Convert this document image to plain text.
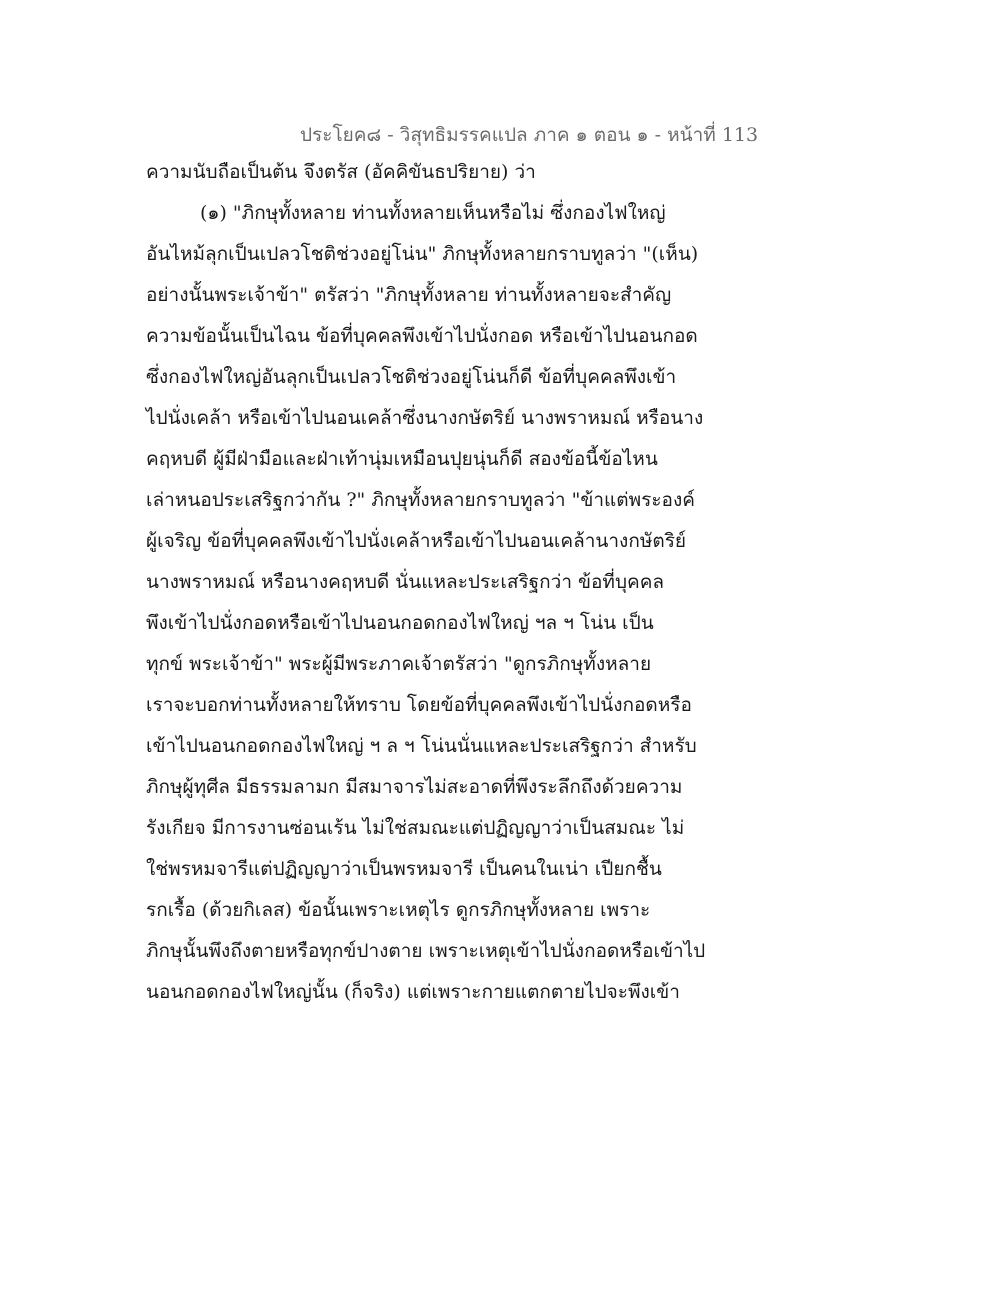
ประโยค๘ - วิสุทธิมรรคแปล ภาค ๑ ตอน ๑ - หน้าที่ 113
ความนับถือเป็นต้น จึงตรัส (อัคคิขันธปริยาย) ว่า
(๑) "ภิกษุทั้งหลาย ท่านทั้งหลายเห็นหรือไม่ ซึ่งกองไฟใหญ่
อันไหม้ลุกเป็นเปลวโชติช่วงอยู่โน่น" ภิกษุทั้งหลายกราบทูลว่า "(เห็น)
อย่างนั้นพระเจ้าข้า" ตรัสว่า "ภิกษุทั้งหลาย ท่านทั้งหลายจะสำคัญ
ความข้อนั้นเป็นไฉน ข้อที่บุคคลพึงเข้าไปนั่งกอด หรือเข้าไปนอนกอด
ซึ่งกองไฟใหญ่อันลุกเป็นเปลวโชติช่วงอยู่โน่นก็ดี ข้อที่บุคคลพึงเข้า
ไปนั่งเคล้า หรือเข้าไปนอนเคล้าซึ่งนางกษัตริย์ นางพราหมณ์ หรือนาง
คฤหบดี ผู้มีฝ่ามือและฝ่าเท้านุ่มเหมือนปุยนุ่นก็ดี สองข้อนี้ข้อไหน
เล่าหนอประเสริฐกว่ากัน ?" ภิกษุทั้งหลายกราบทูลว่า "ข้าแต่พระองค์
ผู้เจริญ ข้อที่บุคคลพึงเข้าไปนั่งเคล้าหรือเข้าไปนอนเคล้านางกษัตริย์
นางพราหมณ์ หรือนางคฤหบดี นั่นแหละประเสริฐกว่า ข้อที่บุคคล
พึงเข้าไปนั่งกอดหรือเข้าไปนอนกอดกองไฟใหญ่ ฯล ฯ โน่น เป็น
ทุกข์ พระเจ้าข้า" พระผู้มีพระภาคเจ้าตรัสว่า "ดูกรภิกษุทั้งหลาย
เราจะบอกท่านทั้งหลายให้ทราบ โดยข้อที่บุคคลพึงเข้าไปนั่งกอดหรือ
เข้าไปนอนกอดกองไฟใหญ่ ฯ ล ฯ โน่นนั่นแหละประเสริฐกว่า สำหรับ
ภิกษุผู้ทุศีล มีธรรมลามก มีสมาจารไม่สะอาดที่พึงระลึกถึงด้วยความ
รังเกียจ มีการงานซ่อนเร้น ไม่ใช่สมณะแต่ปฏิญญาว่าเป็นสมณะ ไม่
ใช่พรหมจารีแต่ปฏิญญาว่าเป็นพรหมจารี เป็นคนในเน่า เปียกชื้น
รกเรื้อ (ด้วยกิเลส) ข้อนั้นเพราะเหตุไร ดูกรภิกษุทั้งหลาย เพราะ
ภิกษุนั้นพึงถึงตายหรือทุกข์ปางตาย เพราะเหตุเข้าไปนั่งกอดหรือเข้าไป
นอนกอดกองไฟใหญ่นั้น (ก็จริง) แต่เพราะกายแตกตายไปจะพึงเข้า
